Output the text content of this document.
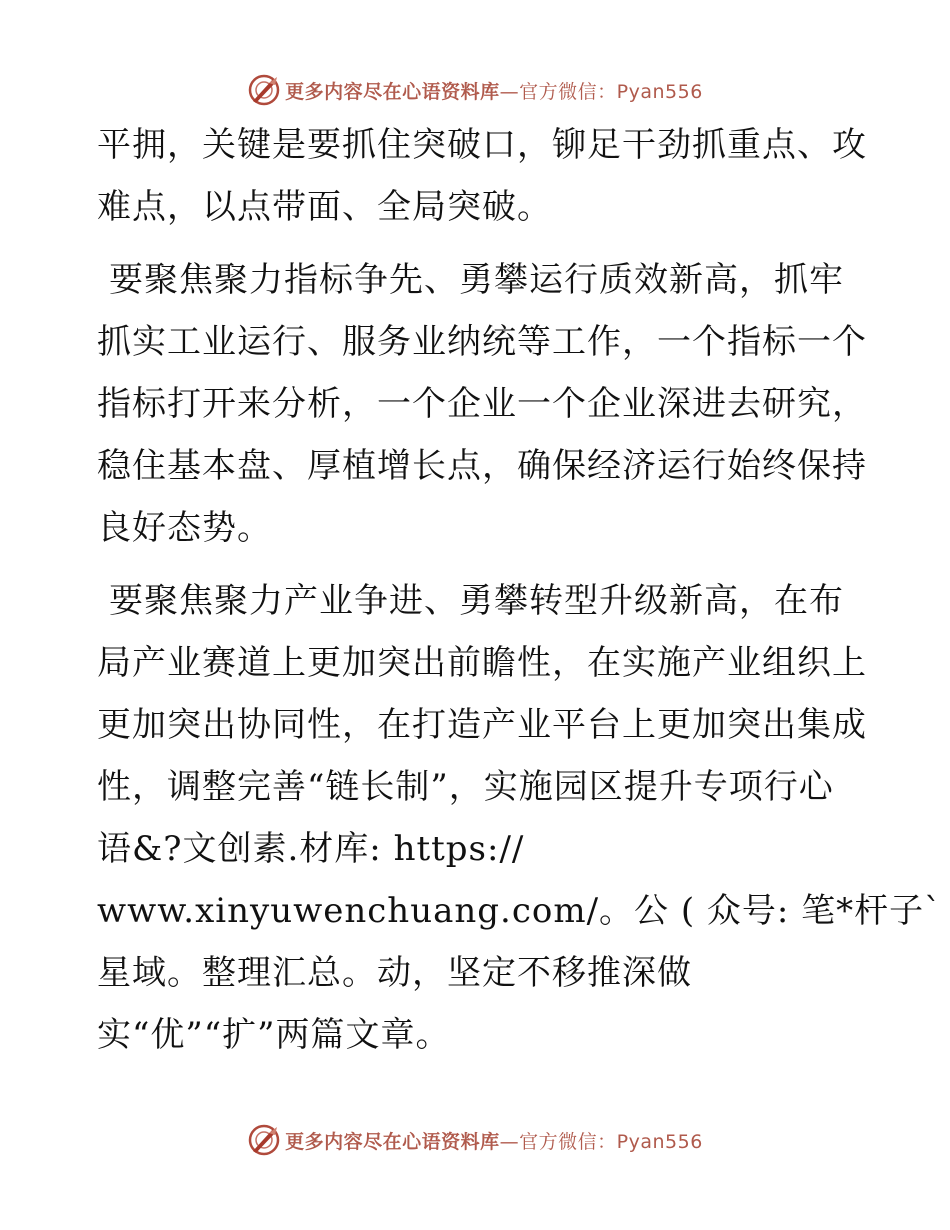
更多内容尽在心语资料库 —官方微信：Pyan556
平拥，关键是要抓住突破口，铆足干劲抓重点、攻
难点，以点带面、全局突破。
要聚焦聚力指标争先、勇攀运行质效新高，抓牢
抓实工业运行、服务业纳统等工作，一个指标一个
指标打开来分析，一个企业一个企业深进去研究，
稳住基本盘、厚植增长点，确保经济运行始终保持
良好态势。
要聚焦聚力产业争进、勇攀转型升级新高，在布
局产业赛道上更加突出前瞻性，在实施产业组织上
更加突出协同性，在打造产业平台上更加突出集成
性，调整完善“链长制”，实施园区提升专项行心
语&?文创素.材库: https://
www.xinyuwenchuang.com/。公 ( 众号: 笔*杆子`
星域。整理汇总。动，坚定不移推深做
实“优”“扩”两篇文章。
更多内容尽在心语资料库 —官方微信：Pyan556
